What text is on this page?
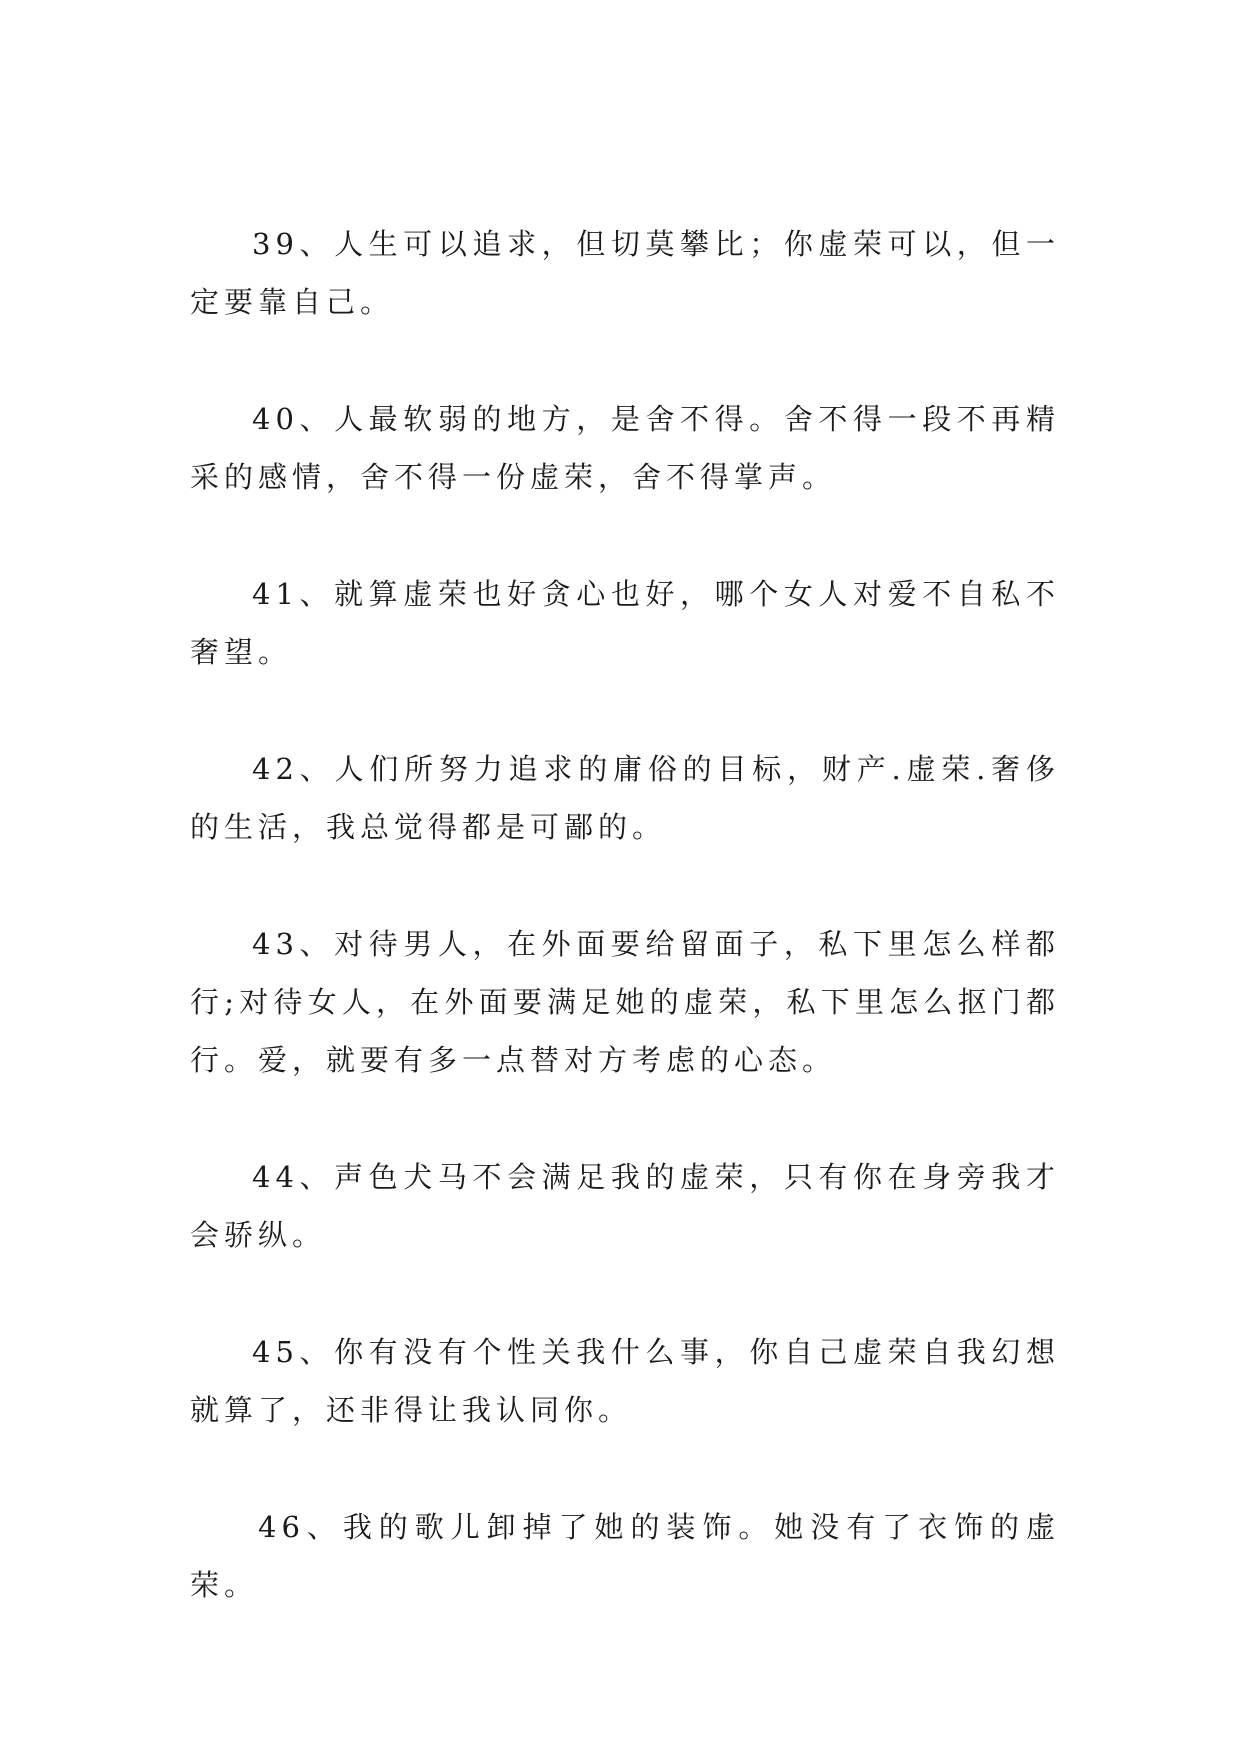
39、人生可以追求，但切莫攀比；你虚荣可以，但一定要靠自己。

40、人最软弱的地方，是舍不得。舍不得一段不再精采的感情，舍不得一份虚荣，舍不得掌声。

41、就算虚荣也好贪心也好，哪个女人对爱不自私不奢望。

42、人们所努力追求的庸俗的目标，财产.虚荣.奢侈的生活，我总觉得都是可鄙的。

43、对待男人，在外面要给留面子，私下里怎么样都行;对待女人，在外面要满足她的虚荣，私下里怎么抠门都行。爱，就要有多一点替对方考虑的心态。

44、声色犬马不会满足我的虚荣，只有你在身旁我才会骄纵。

45、你有没有个性关我什么事，你自己虚荣自我幻想就算了，还非得让我认同你。

46、我的歌儿卸掉了她的装饰。她没有了衣饰的虚荣。
